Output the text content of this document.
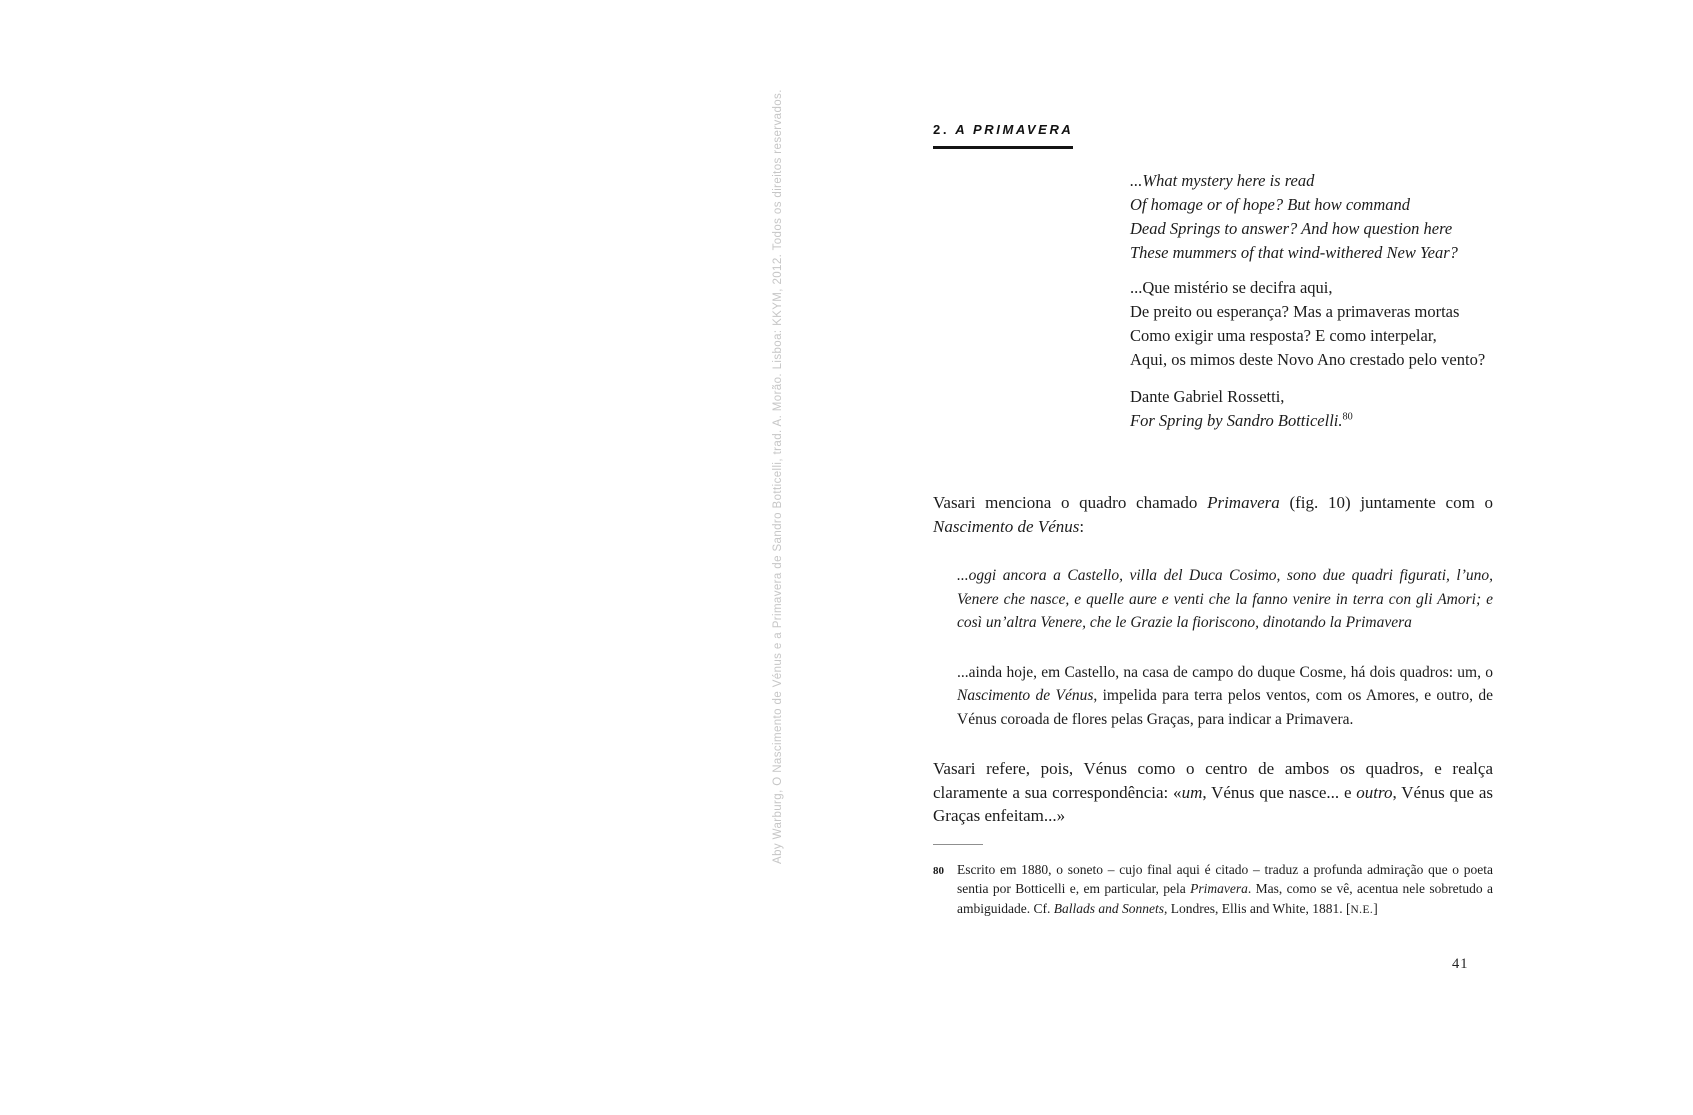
Aby Warburg, O Nascimento de Vénus e a Primavera de Sandro Botticelli, trad. A. Morão. Lisboa: KKYM, 2012. Todos os direitos reservados.	2. A PRIMAVERA
...What mystery here is read
Of homage or of hope? But how command
Dead Springs to answer? And how question here
These mummers of that wind-withered New Year?
...Que mistério se decifra aqui,
De preito ou esperança? Mas a primaveras mortas
Como exigir uma resposta? E como interpelar,
Aqui, os mimos deste Novo Ano crestado pelo vento?
Dante Gabriel Rossetti,
For Spring by Sandro Botticelli.$^{80}$
Vasari menciona o quadro chamado Primavera (fig. 10) juntamente com o Nascimento de Vénus:
...oggi ancora a Castello, villa del Duca Cosimo, sono due quadri figurati, l’uno, Venere che nasce, e quelle aure e venti che la fanno venire in terra con gli Amori; e così un’altra Venere, che le Grazie la fioriscono, dinotando la Primavera
...ainda hoje, em Castello, na casa de campo do duque Cosme, há dois quadros: um, o Nascimento de Vénus, impelida para terra pelos ventos, com os Amores, e outro, de Vénus coroada de flores pelas Graças, para indicar a Primavera.
Vasari refere, pois, Vénus como o centro de ambos os quadros, e realça claramente a sua correspondência: «um, Vénus que nasce... e outro, Vénus que as Graças enfeitam...»
80 Escrito em 1880, o soneto – cujo final aqui é citado – traduz a profunda admiração que o poeta sentia por Botticelli e, em particular, pela Primavera. Mas, como se vê, acentua nele sobretudo a ambiguidade. Cf. Ballads and Sonnets, Londres, Ellis and White, 1881. [N.E.]
41
